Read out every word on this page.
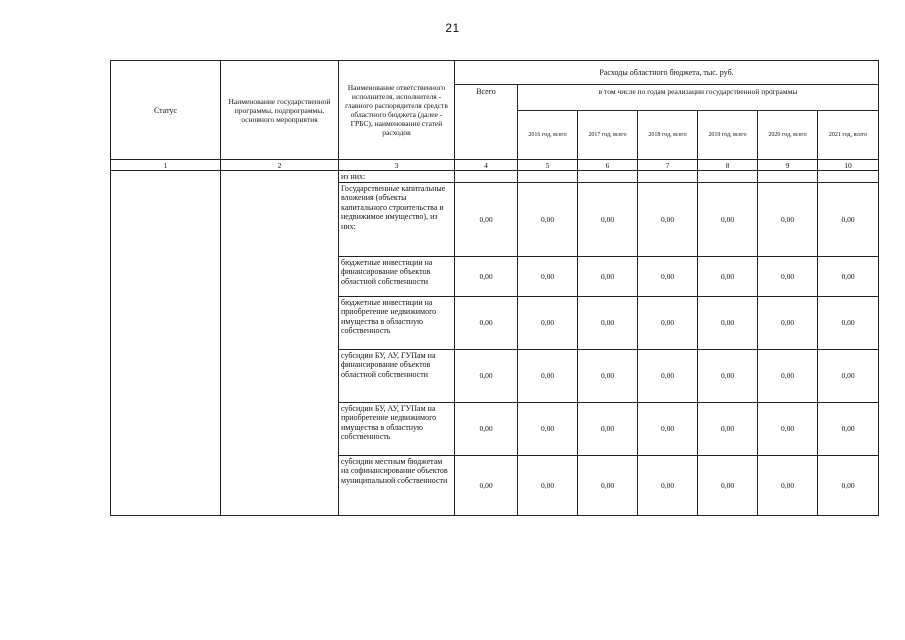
21
Статус	Наименование государственной программы, подпрограммы, основного мероприятия	Наименование ответственного исполнителя, исполнителя - главного распорядителя средств областного бюджета (далее - ГРБС), наименование статей расходов	Расходы областного бюджета, тыс. руб.						
			Всего	в том числе по годам реализации государственной программы					
				2016 год, всего	2017 год, всего	2018 год, всего	2019 год, всего	2020 год, всего	2021 год, всего
1	2	3	4	5	6	7	8	9	10
		из них:							
		Государственные капитальные вложения (объекты капитального строительства и недвижимое имущество), из них:	0,00	0,00	0,00	0,00	0,00	0,00	0,00
		бюджетные инвестиции на финансирование объектов областной собственности	0,00	0,00	0,00	0,00	0,00	0,00	0,00
		бюджетные инвестиции на приобретение недвижимого имущества в областную собственность	0,00	0,00	0,00	0,00	0,00	0,00	0,00
		субсидии БУ, АУ, ГУПам на финансирование объектов областной собственности	0,00	0,00	0,00	0,00	0,00	0,00	0,00
		субсидии БУ, АУ, ГУПам на приобретение недвижимого имущества в областную собственность	0,00	0,00	0,00	0,00	0,00	0,00	0,00
		субсидии местным бюджетам на софинансирование объектов муниципальной собственности	0,00	0,00	0,00	0,00	0,00	0,00	0,00
